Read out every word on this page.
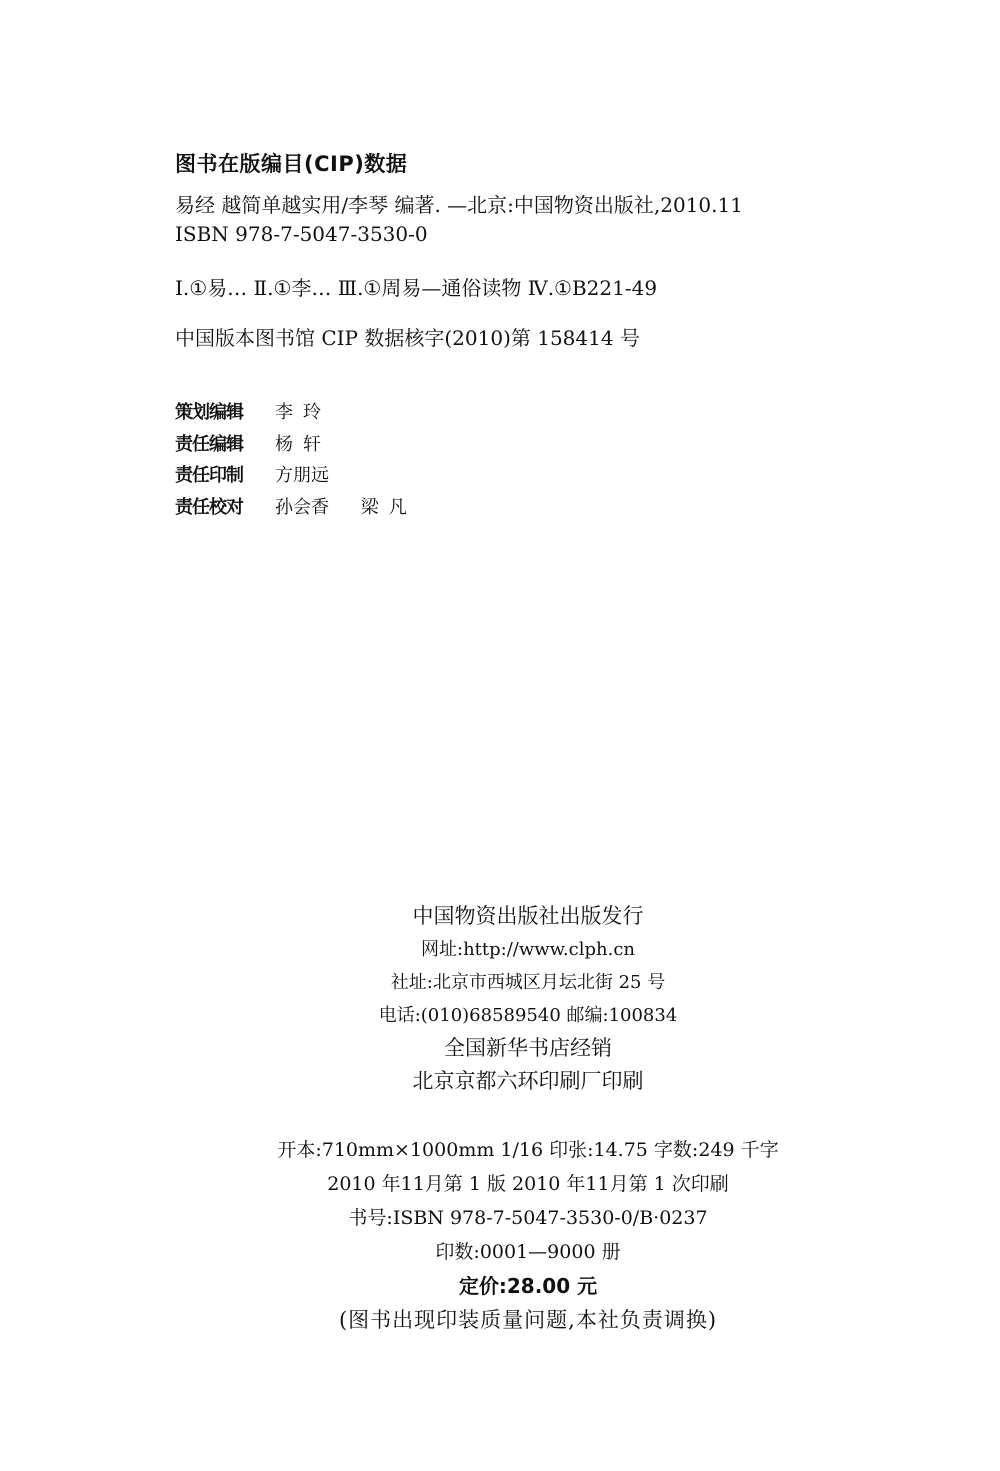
图书在版编目(CIP)数据
易经 越简单越实用/李琴 编著. —北京:中国物资出版社,2010.11
ISBN 978-7-5047-3530-0
Ⅰ.①易… Ⅱ.①李… Ⅲ.①周易—通俗读物 Ⅳ.①B221-49
中国版本图书馆 CIP 数据核字(2010)第 158414 号
策划编辑	李玲
责任编辑	杨轩
责任印制	方朋远
责任校对	孙会香 梁凡
中国物资出版社出版发行
网址:http://www.clph.cn
社址:北京市西城区月坛北街 25 号
电话:(010)68589540 邮编:100834
全国新华书店经销
北京京都六环印刷厂印刷
开本:710mm×1000mm 1/16 印张:14.75 字数:249 千字
2010 年11月第 1 版 2010 年11月第 1 次印刷
书号:ISBN 978-7-5047-3530-0/B·0237
印数:0001—9000 册
定价:28.00 元
(图书出现印装质量问题,本社负责调换)
